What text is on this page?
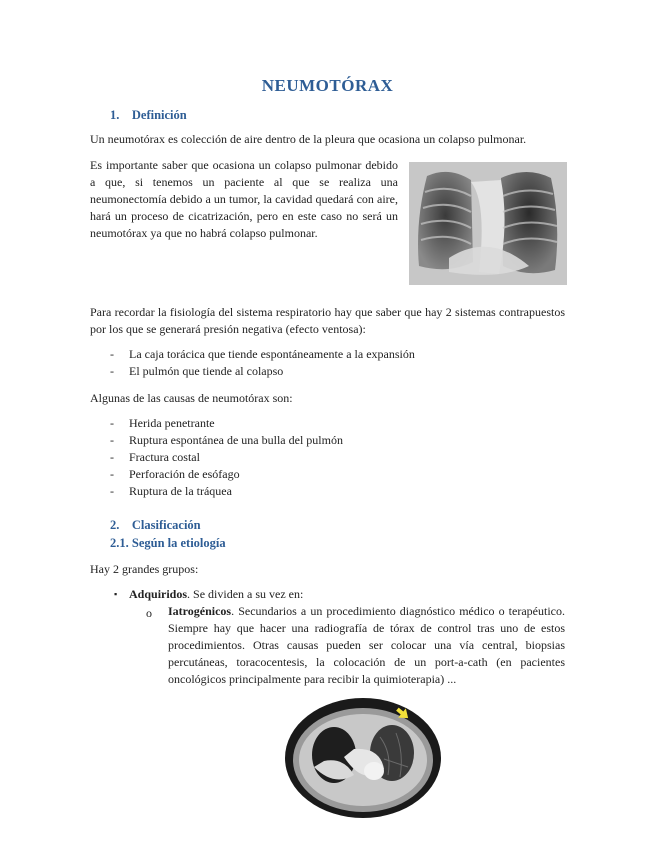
NEUMOTÓRAX
1. Definición
Un neumotórax es colección de aire dentro de la pleura que ocasiona un colapso pulmonar.
Es importante saber que ocasiona un colapso pulmonar debido a que, si tenemos un paciente al que se realiza una neumonectomía debido a un tumor, la cavidad quedará con aire, hará un proceso de cicatrización, pero en este caso no será un neumotórax ya que no habrá colapso pulmonar.
Para recordar la fisiología del sistema respiratorio hay que saber que hay 2 sistemas contrapuestos por los que se generará presión negativa (efecto ventosa):
- La caja torácica que tiende espontáneamente a la expansión
- El pulmón que tiende al colapso
Algunas de las causas de neumotórax son:
- Herida penetrante
- Ruptura espontánea de una bulla del pulmón
- Fractura costal
- Perforación de esófago
- Ruptura de la tráquea
2. Clasificación
2.1. Según la etiología
Hay 2 grandes grupos:
▪ Adquiridos. Se dividen a su vez en:
o Iatrogénicos. Secundarios a un procedimiento diagnóstico médico o terapéutico. Siempre hay que hacer una radiografía de tórax de control tras uno de estos procedimientos. Otras causas pueden ser colocar una vía central, biopsias percutáneas, toracocentesis, la colocación de un port-a-cath (en pacientes oncológicos principalmente para recibir la quimioterapia) ...
